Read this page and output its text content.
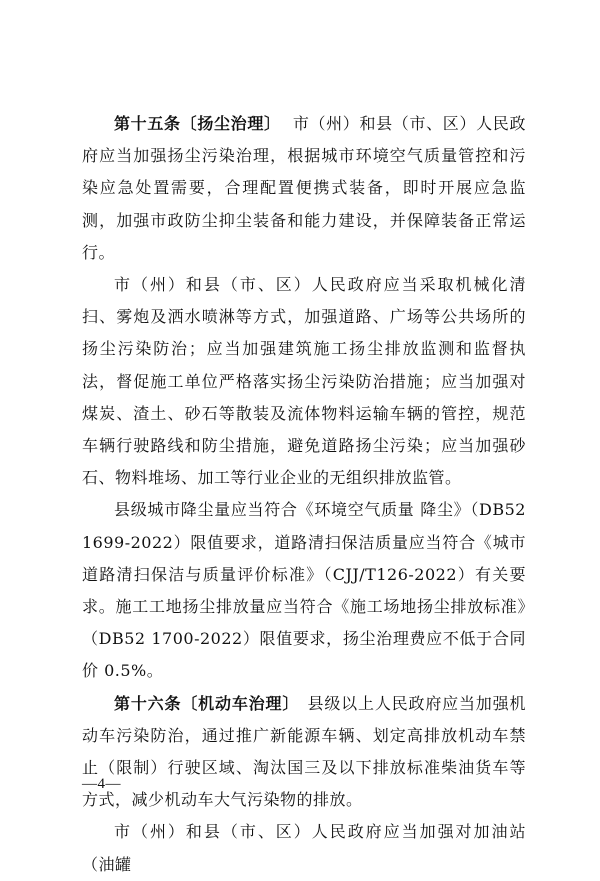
第十五条〔扬尘治理〕 市（州）和县（市、区）人民政府应当加强扬尘污染治理，根据城市环境空气质量管控和污染应急处置需要，合理配置便携式装备，即时开展应急监测，加强市政防尘抑尘装备和能力建设，并保障装备正常运行。

市（州）和县（市、区）人民政府应当采取机械化清扫、雾炮及洒水喷淋等方式，加强道路、广场等公共场所的扬尘污染防治；应当加强建筑施工扬尘排放监测和监督执法，督促施工单位严格落实扬尘污染防治措施；应当加强对煤炭、渣土、砂石等散装及流体物料运输车辆的管控，规范车辆行驶路线和防尘措施，避免道路扬尘污染；应当加强砂石、物料堆场、加工等行业企业的无组织排放监管。

县级城市降尘量应当符合《环境空气质量 降尘》（DB52 1699-2022）限值要求，道路清扫保洁质量应当符合《城市道路清扫保洁与质量评价标准》（CJJ/T126-2022）有关要求。施工工地扬尘排放量应当符合《施工场地扬尘排放标准》（DB52 1700-2022）限值要求，扬尘治理费应不低于合同价 0.5%。

第十六条〔机动车治理〕 县级以上人民政府应当加强机动车污染防治，通过推广新能源车辆、划定高排放机动车禁止（限制）行驶区域、淘汰国三及以下排放标准柴油货车等方式，减少机动车大气污染物的排放。

市（州）和县（市、区）人民政府应当加强对加油站（油罐

—4—
